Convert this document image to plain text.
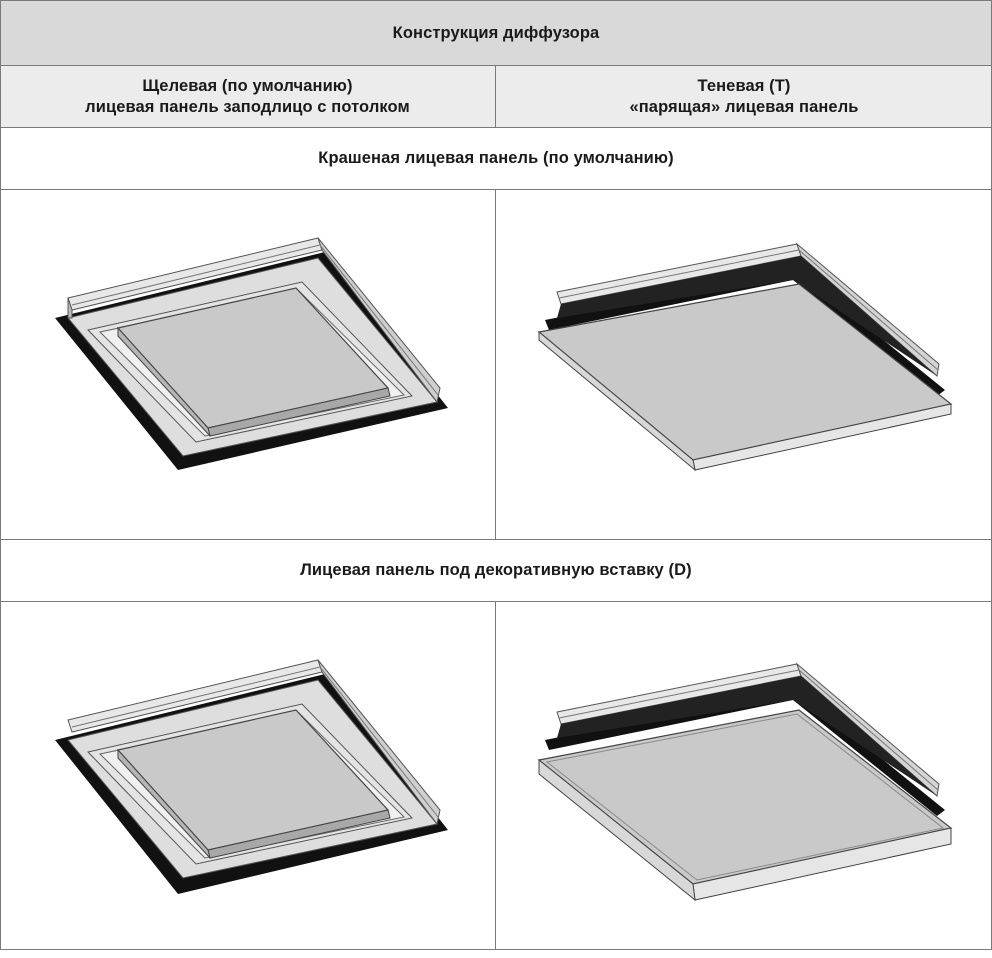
Конструкция диффузора
Щелевая (по умолчанию)
лицевая панель заподлицо с потолком
Теневая (Т)
«парящая» лицевая панель
Крашеная лицевая панель (по умолчанию)
Лицевая панель под декоративную вставку (D)
